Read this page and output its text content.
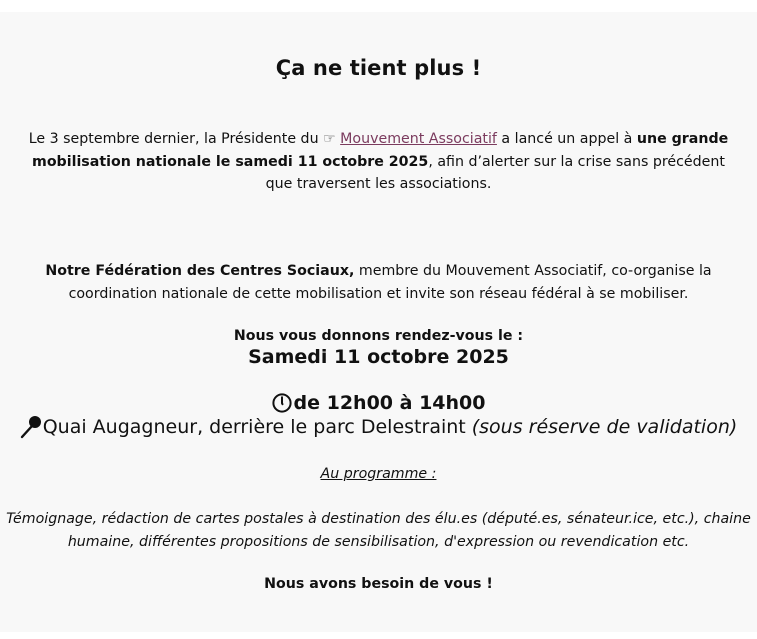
Ça ne tient plus !

Le 3 septembre dernier, la Présidente du ☞ Mouvement Associatif a lancé un appel à une grande mobilisation nationale le samedi 11 octobre 2025, afin d’alerter sur la crise sans précédent que traversent les associations.

Notre Fédération des Centres Sociaux, membre du Mouvement Associatif, co-organise la coordination nationale de cette mobilisation et invite son réseau fédéral à se mobiliser.

Nous vous donnons rendez-vous le :

Samedi 11 octobre 2025

de 12h00 à 14h00

Quai Augagneur, derrière le parc Delestraint (sous réserve de validation)

Au programme :

Témoignage, rédaction de cartes postales à destination des élu.es (député.es, sénateur.ice, etc.), chaine humaine, différentes propositions de sensibilisation, d'expression ou revendication etc.

Nous avons besoin de vous !
